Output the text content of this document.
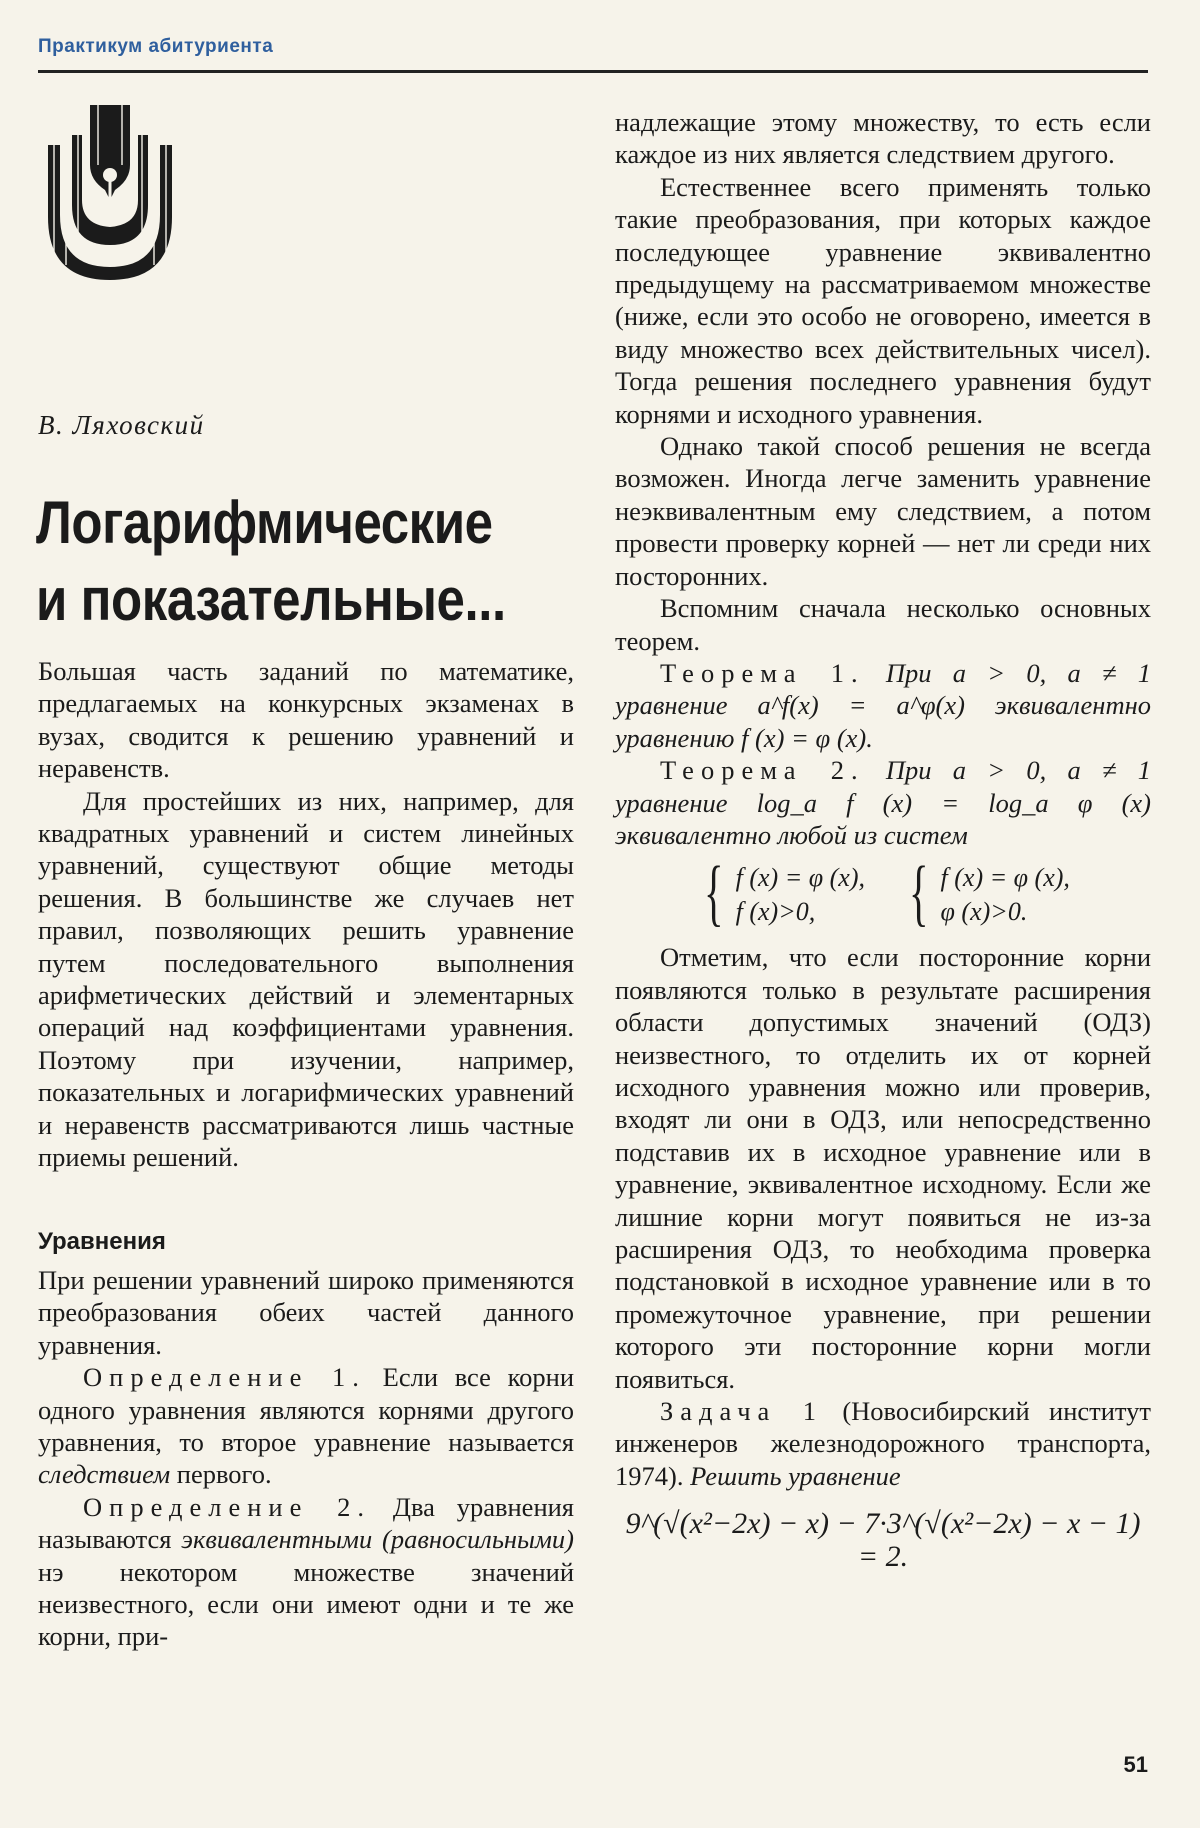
Практикум абитуриента
В. Ляховский
Логарифмические
и показательные...

Большая часть заданий по математике, предлагаемых на конкурсных экзаменах в вузах, сводится к решению уравнений и неравенств.

Для простейших из них, например, для квадратных уравнений и систем линейных уравнений, существуют общие методы решения. В большинстве же случаев нет правил, позволяющих решить уравнение путем последовательного выполнения арифметических действий и элементарных операций над коэффициентами уравнения. Поэтому при изучении, например, показательных и логарифмических уравнений и неравенств рассматриваются лишь частные приемы решений.

Уравнения

При решении уравнений широко применяются преобразования обеих частей данного уравнения.

Определение 1. Если все корни одного уравнения являются корнями другого уравнения, то второе уравнение называется следствием первого.

Определение 2. Два уравнения называются эквивалентными (равносильными) нэ некотором множестве значений неизвестного, если они имеют одни и те же корни, при-

надлежащие этому множеству, то есть если каждое из них является следствием другого.

Естественнее всего применять только такие преобразования, при которых каждое последующее уравнение эквивалентно предыдущему на рассматриваемом множестве (ниже, если это особо не оговорено, имеется в виду множество всех действительных чисел). Тогда решения последнего уравнения будут корнями и исходного уравнения.

Однако такой способ решения не всегда возможен. Иногда легче заменить уравнение неэквивалентным ему следствием, а потом провести проверку корней — нет ли среди них посторонних.

Вспомним сначала несколько основных теорем.

Теорема 1. При a > 0, a ≠ 1 уравнение a^f(x) = a^φ(x) эквивалентно уравнению f (x) = φ (x).

Теорема 2. При a > 0, a ≠ 1 уравнение log_a f (x) = log_a φ (x) эквивалентно любой из систем

{ f (x) = φ (x),
f (x)>0,	{ f (x) = φ (x),
φ (x)>0.

Отметим, что если посторонние корни появляются только в результате расширения области допустимых значений (ОДЗ) неизвестного, то отделить их от корней исходного уравнения можно или проверив, входят ли они в ОДЗ, или непосредственно подставив их в исходное уравнение или в уравнение, эквивалентное исходному. Если же лишние корни могут появиться не из-за расширения ОДЗ, то необходима проверка подстановкой в исходное уравнение или в то промежуточное уравнение, при решении которого эти посторонние корни могли появиться.

Задача 1 (Новосибирский институт инженеров железнодорожного транспорта, 1974). Решить уравнение

9^(√(x²−2x) − x) − 7·3^(√(x²−2x) − x − 1) = 2.
51
